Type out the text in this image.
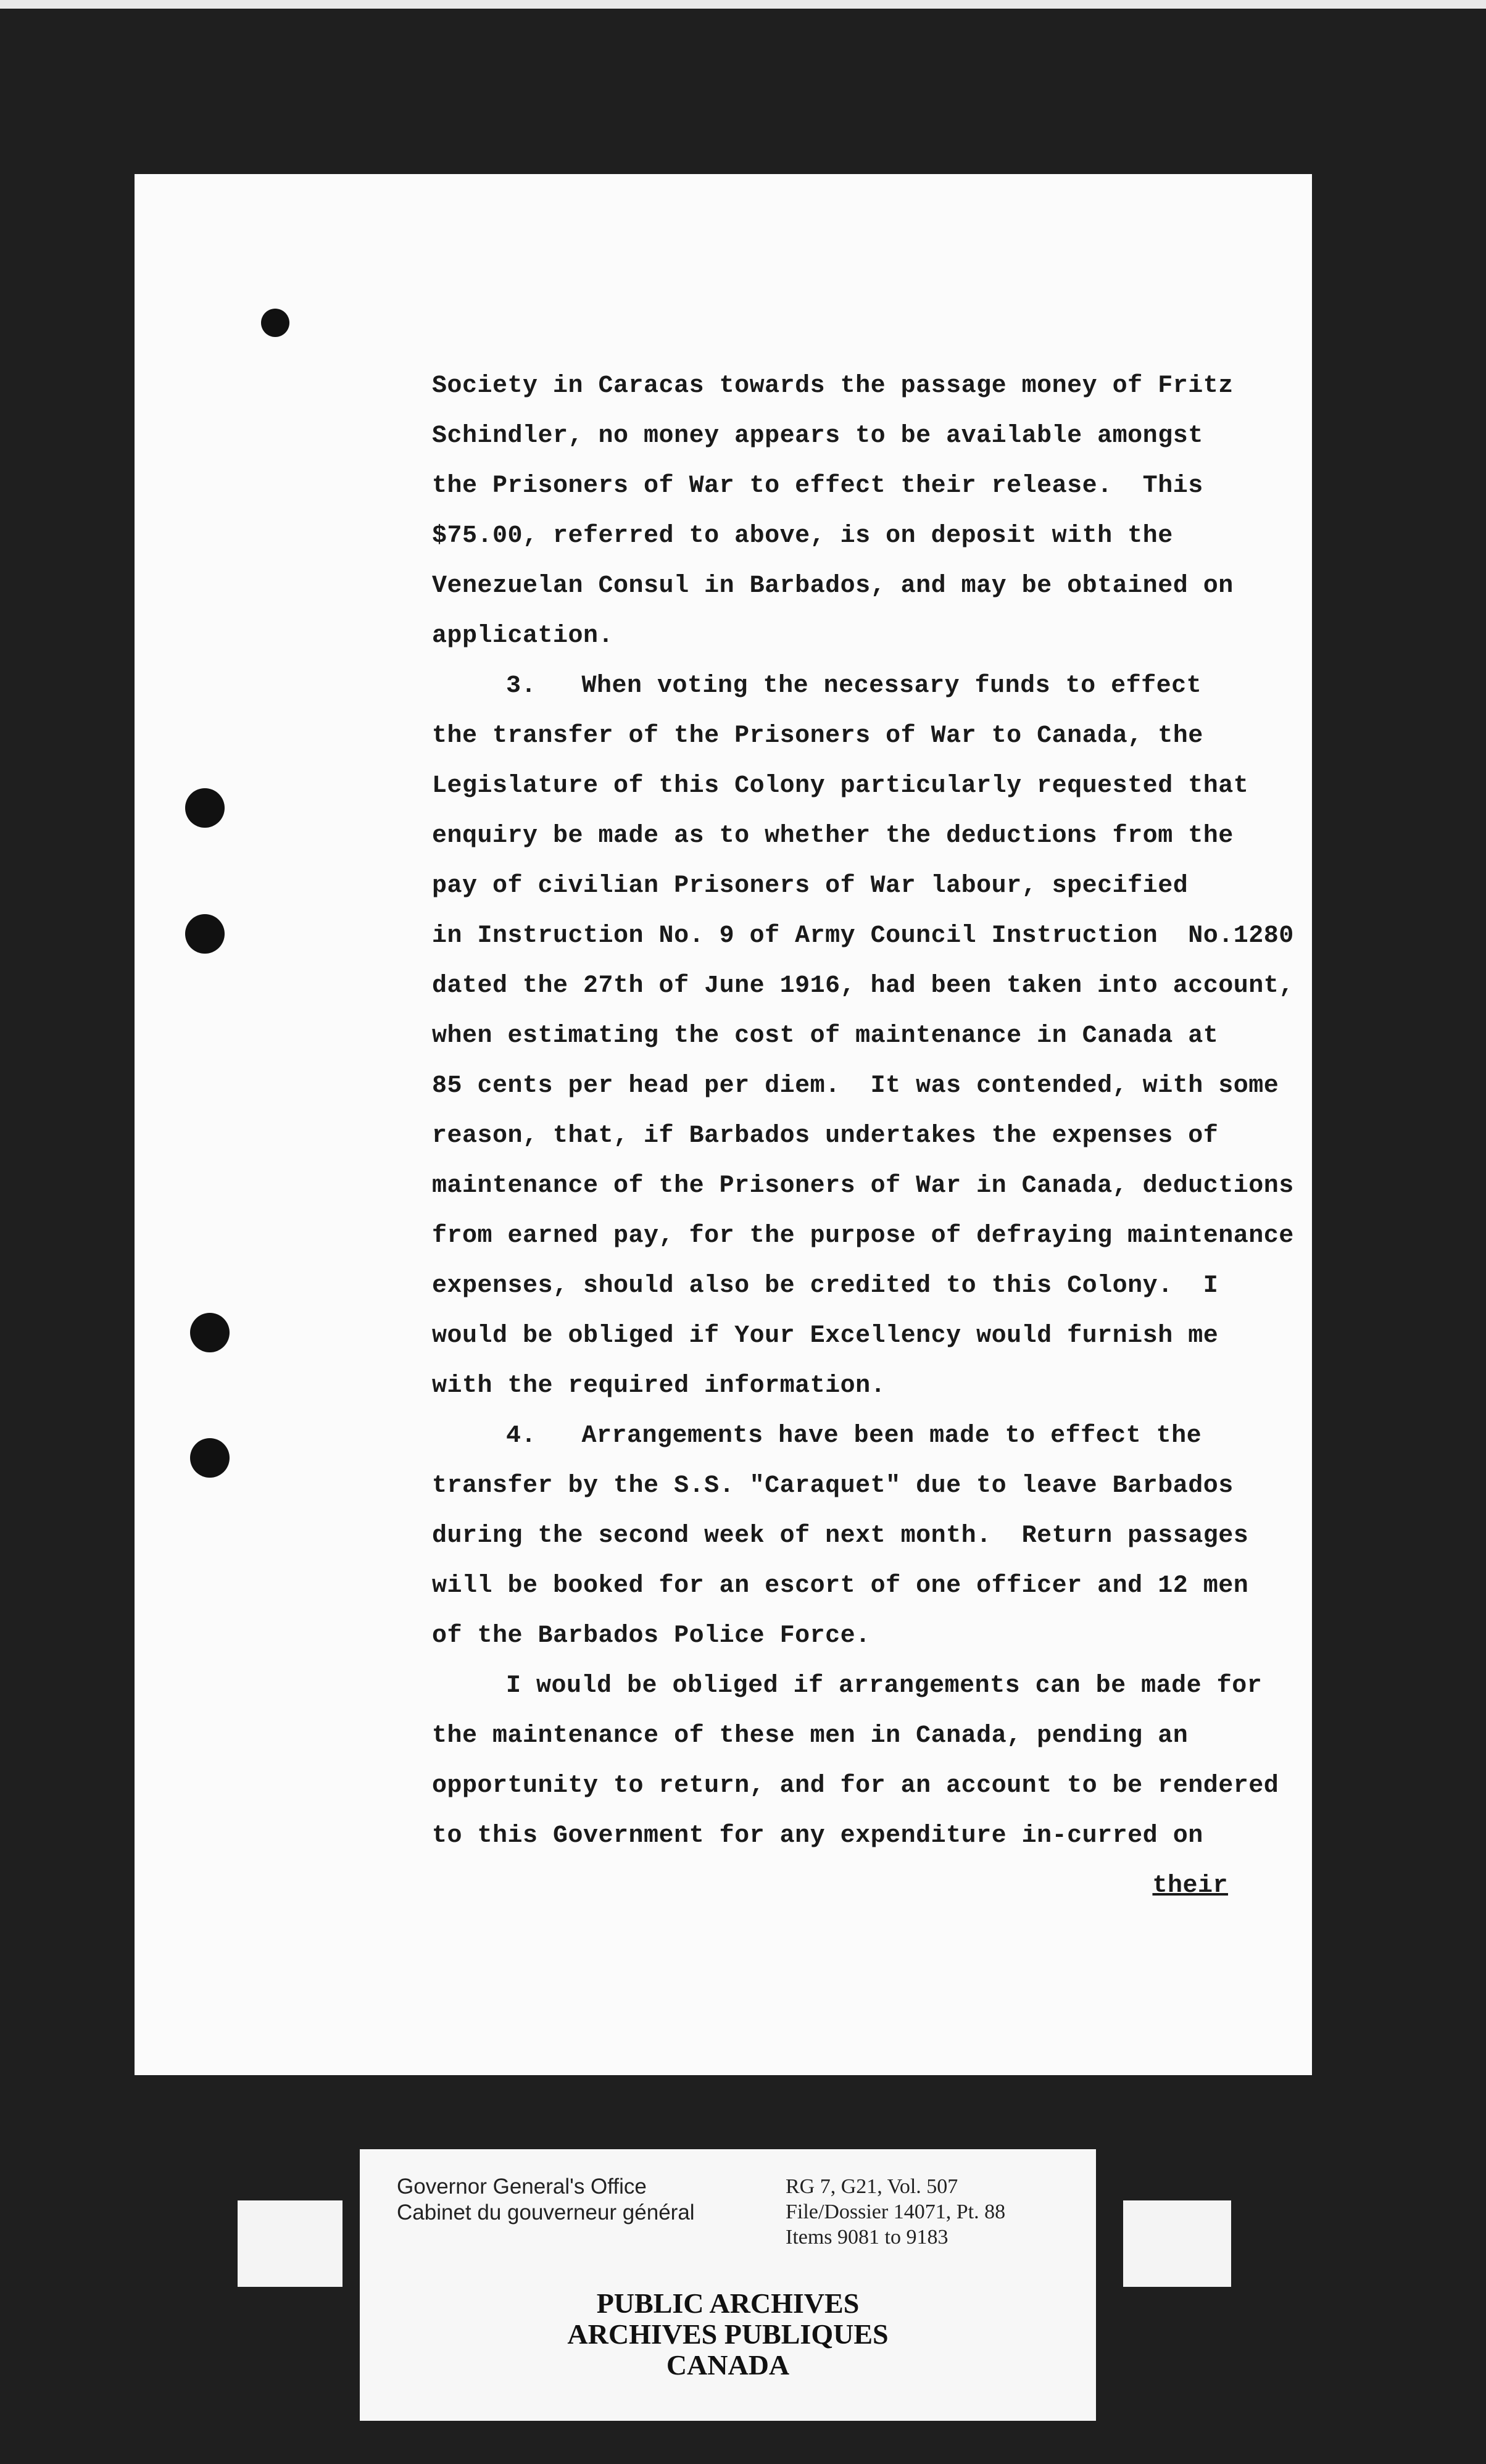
Society in Caracas towards the passage money of Fritz
Schindler, no money appears to be available amongst
the Prisoners of War to effect their release.  This
$75.00, referred to above, is on deposit with the
Venezuelan Consul in Barbados, and may be obtained on
application.
3.   When voting the necessary funds to effect
the transfer of the Prisoners of War to Canada, the
Legislature of this Colony particularly requested that
enquiry be made as to whether the deductions from the
pay of civilian Prisoners of War labour, specified
in Instruction No. 9 of Army Council Instruction  No.1280
dated the 27th of June 1916, had been taken into account,
when estimating the cost of maintenance in Canada at
85 cents per head per diem.  It was contended, with some
reason, that, if Barbados undertakes the expenses of
maintenance of the Prisoners of War in Canada, deductions
from earned pay, for the purpose of defraying maintenance
expenses, should also be credited to this Colony.  I
would be obliged if Your Excellency would furnish me
with the required information.
4.   Arrangements have been made to effect the
transfer by the S.S. "Caraquet" due to leave Barbados
during the second week of next month.  Return passages
will be booked for an escort of one officer and 12 men
of the Barbados Police Force.
I would be obliged if arrangements can be made for
the maintenance of these men in Canada, pending an
opportunity to return, and for an account to be rendered
to this Government for any expenditure in-curred on
their
Governor General's Office
Cabinet du gouverneur général
RG 7, G21, Vol. 507
File/Dossier 14071, Pt. 88
Items 9081 to 9183
PUBLIC ARCHIVES
ARCHIVES PUBLIQUES
CANADA
